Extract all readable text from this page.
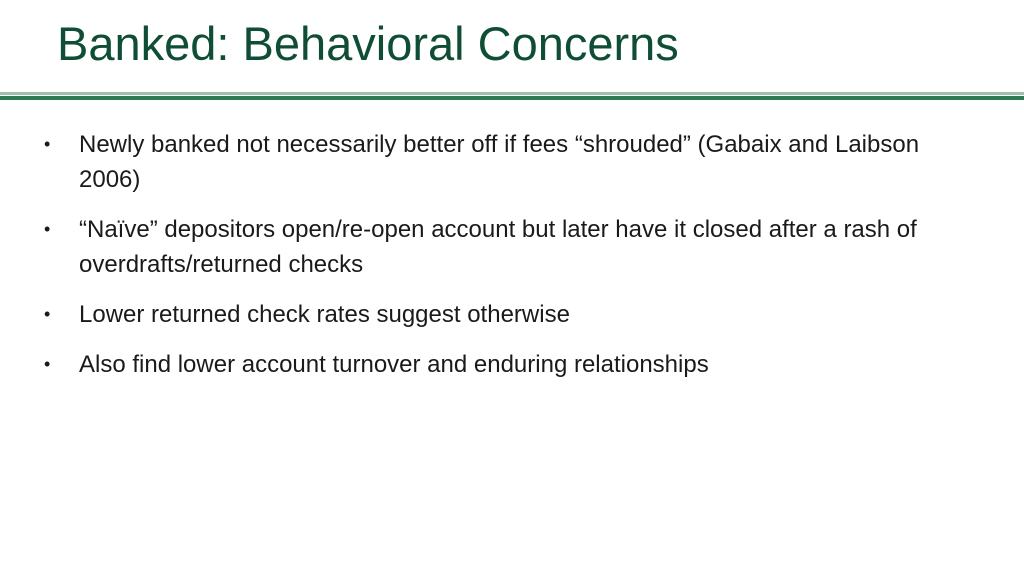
Banked: Behavioral Concerns
•	Newly banked not necessarily better off if fees “shrouded” (Gabaix and Laibson 2006)
•	“Naïve” depositors open/re-open account but later have it closed after a rash of overdrafts/returned checks
•	Lower returned check rates suggest otherwise
•	Also find lower account turnover and enduring relationships
